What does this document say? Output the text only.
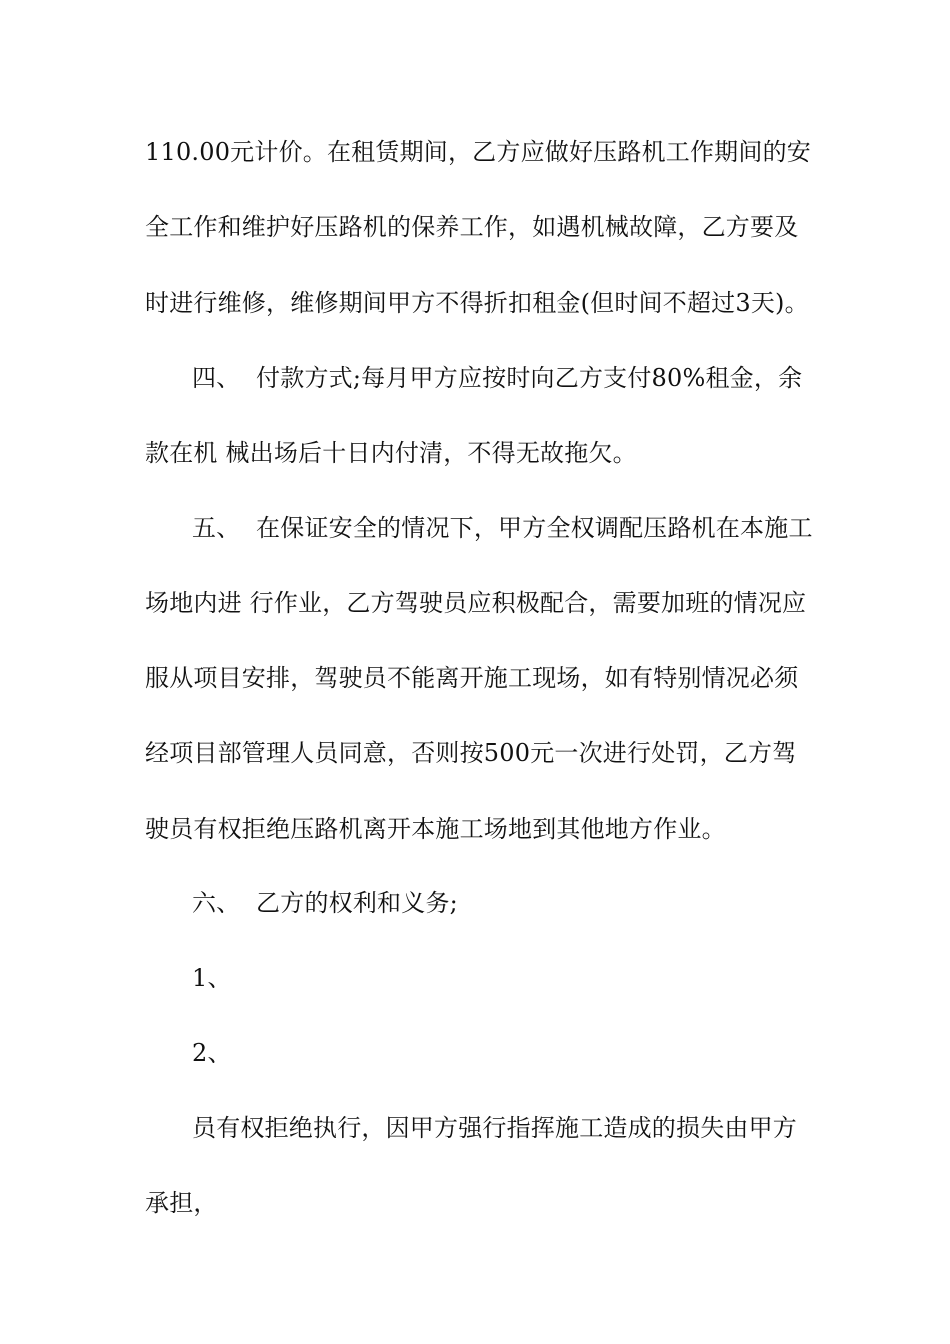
110.00元计价。在租赁期间，乙方应做好压路机工作期间的安
全工作和维护好压路机的保养工作，如遇机械故障，乙方要及
时进行维修，维修期间甲方不得折扣租金(但时间不超过3天)。
四、  付款方式;每月甲方应按时向乙方支付80%租金，余
款在机 械出场后十日内付清，不得无故拖欠。
五、  在保证安全的情况下，甲方全权调配压路机在本施工
场地内进 行作业，乙方驾驶员应积极配合，需要加班的情况应
服从项目安排，驾驶员不能离开施工现场，如有特别情况必须
经项目部管理人员同意，否则按500元一次进行处罚，乙方驾
驶员有权拒绝压路机离开本施工场地到其他地方作业。
六、  乙方的权利和义务;
1、
2、
员有权拒绝执行，因甲方强行指挥施工造成的损失由甲方
承担，
